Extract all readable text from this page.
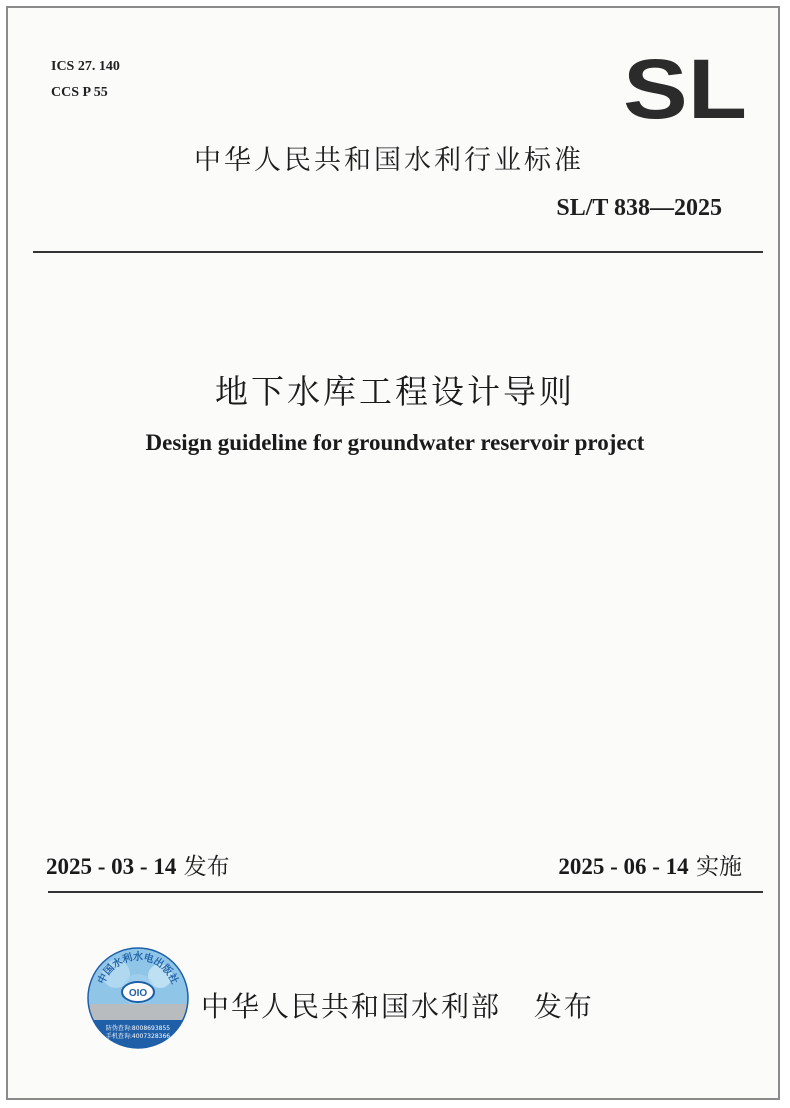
ICS 27. 140
CCS P 55	SL
中华人民共和国水利行业标准
SL/T 838—2025
地下水库工程设计导则
Design guideline for groundwater reservoir project
2025 - 03 - 14 发布	2025 - 06 - 14 实施
中国水利水电出版社
OIO
防伪查询:8008693855
手机查询:4007328366
中华人民共和国水利部 发布
